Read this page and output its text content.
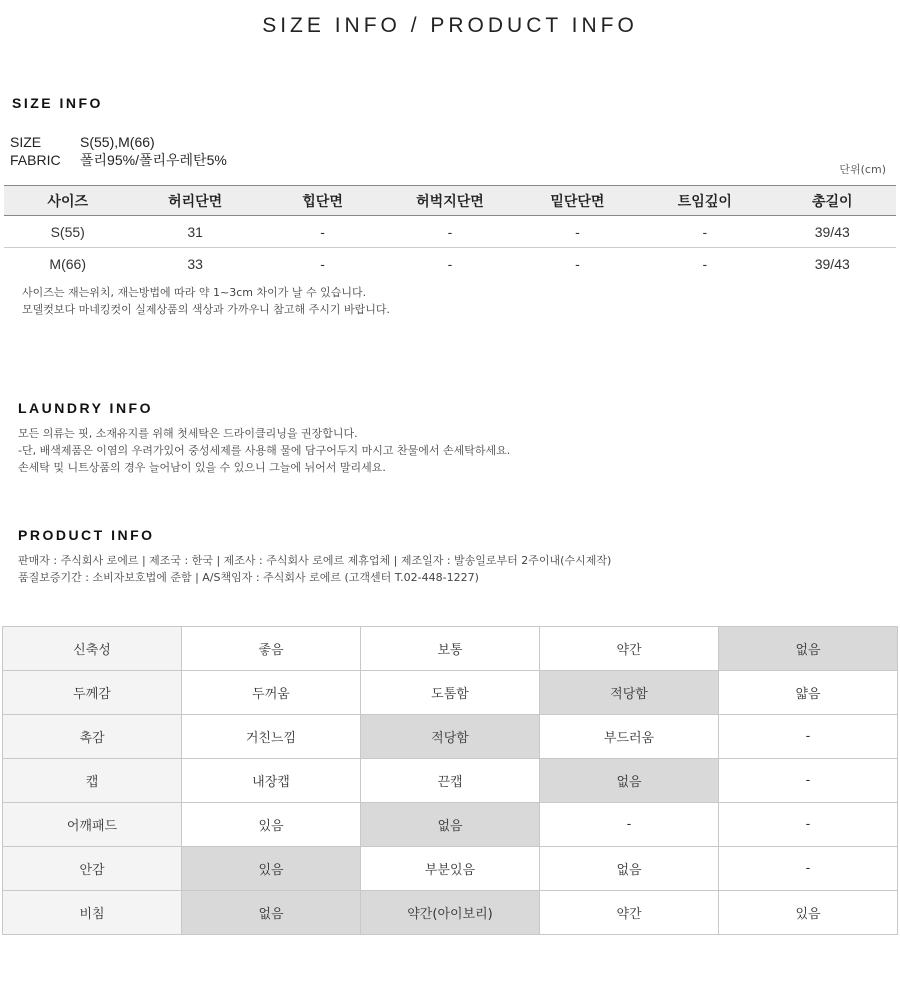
SIZE INFO / PRODUCT INFO
SIZE INFO
SIZE	S(55),M(66)
FABRIC 폴리95%/폴리우레탄5%
단위(cm)
사이즈	허리단면	힙단면	허벅지단면	밑단단면	트임깊이	총길이
S(55)	31	-	-	-	-	39/43
M(66)	33	-	-	-	-	39/43
사이즈는 재는위치, 재는방법에 따라 약 1~3cm 차이가 날 수 있습니다.
모델컷보다 마네킹컷이 실제상품의 색상과 가까우니 참고해 주시기 바랍니다.
LAUNDRY INFO
모든 의류는 핏, 소재유지를 위해 첫세탁은 드라이클리닝을 권장합니다.
-단, 배색제품은 이염의 우려가있어 중성세제를 사용해 물에 담구어두지 마시고 찬물에서 손세탁하세요.
손세탁 및 니트상품의 경우 늘어남이 있을 수 있으니 그늘에 뉘어서 말리세요.
PRODUCT INFO
판매자 : 주식회사 로에르 | 제조국 : 한국 | 제조사 : 주식회사 로에르 제휴업체 | 제조일자 : 발송일로부터 2주이내(수시제작)
품질보증기간 : 소비자보호법에 준함 | A/S책임자 : 주식회사 로에르 (고객센터 T.02-448-1227)
신축성	좋음	보통	약간	없음
두께감	두꺼움	도톰함	적당함	얇음
촉감	거친느낌	적당함	부드러움	-
캡	내장캡	끈캡	없음	-
어깨패드	있음	없음	-	-
안감	있음	부분있음	없음	-
비침	없음	약간(아이보리)	약간	있음
